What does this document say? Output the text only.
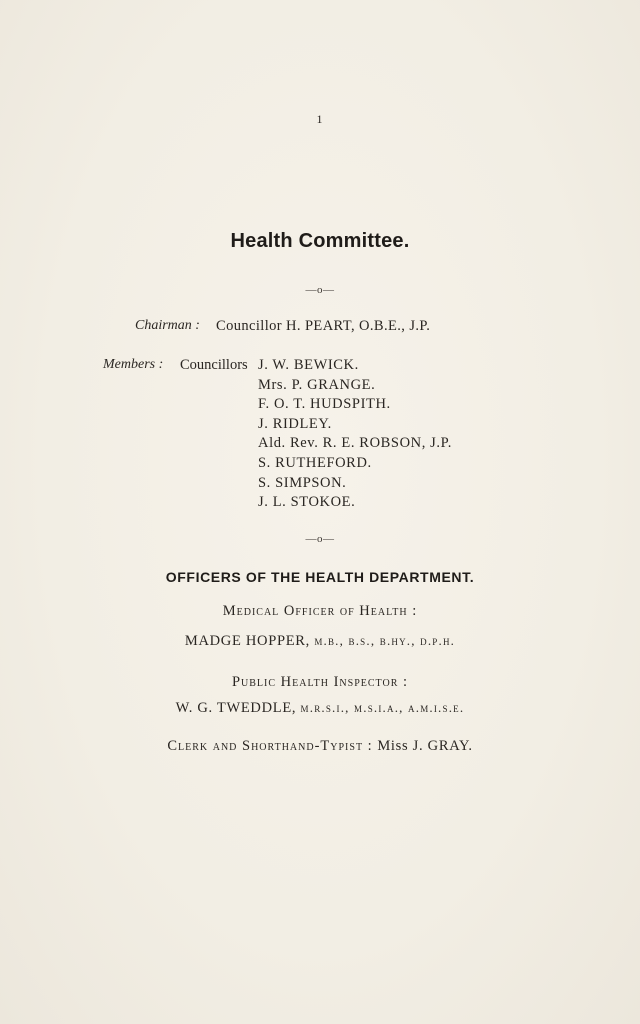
1
Health Committee.
—o—
Chairman : Councillor H. PEART, O.B.E., J.P.
Members : Councillors J. W. BEWICK.
Mrs. P. GRANGE.
F. O. T. HUDSPITH.
J. RIDLEY.
Ald. Rev. R. E. ROBSON, J.P.
S. RUTHEFORD.
S. SIMPSON.
J. L. STOKOE.
—o—
OFFICERS OF THE HEALTH DEPARTMENT.
Medical Officer of Health :
MADGE HOPPER, m.b., b.s., b.hy., d.p.h.
Public Health Inspector :
W. G. TWEDDLE, m.r.s.i., m.s.i.a., a.m.i.s.e.
Clerk and Shorthand-Typist : Miss J. GRAY.
